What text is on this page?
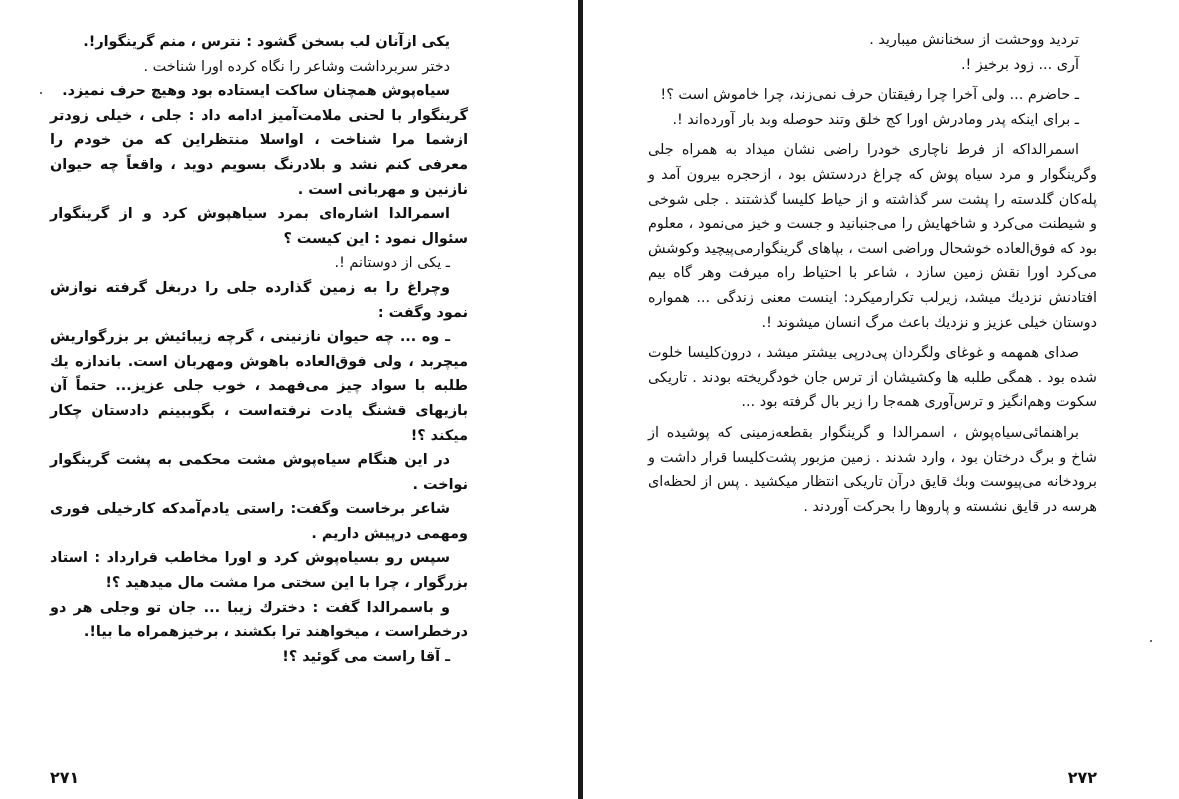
یکی ازآنان لب بسخن گشود : نترس ، منم گرینگوار!.

دختر سربرداشت وشاعر را نگاه کرده اورا شناخت .

سیاه‌پوش همچنان ساکت ایستاده بود وهیچ حرف نمیزد.

گرینگوار با لحنی ملامت‌آمیز ادامه داد : جلی ، خیلی زودتر ازشما مرا شناخت ، اواسلا منتظراین که من خودم را معرفی کنم نشد و بلادرنگ بسویم دوید ، واقعاً چه حیوان نازنین و مهربانی است .

اسمرالدا اشاره‌ای بمرد سیاهپوش کرد و از گرینگوار سئوال نمود : این کیست ؟

ـ یکی از دوستانم !.

وچراغ را به زمین گذارده جلی را دربغل گرفته نوازش نمود وگفت :

ـ وه ... چه حیوان نازنینی ، گرچه زیبائیش بر بزرگواریش میچربد ، ولی فوق‌العاده باهوش ومهربان است. باندازه یك طلبه با سواد چیز می‌فهمد ، خوب جلی عزیز... حتماً آن بازیهای قشنگ یادت نرفته‌است ، بگوببینم دادستان چکار میکند ؟!

در این هنگام سیاه‌پوش مشت محکمی به پشت گرینگوار نواخت .

شاعر برخاست وگفت: راستی یادم‌آمدکه کارخیلی فوری ومهمی درپیش داریم .

سپس رو بسیاه‌پوش کرد و اورا مخاطب قرارداد : استاد بزرگوار ، چرا با این سختی مرا مشت مال میدهید ؟!

و باسمرالدا گفت : دخترك زیبا ... جان تو وجلی هر دو درخطراست ، میخواهند ترا بکشند ، برخیزهمراه ما بیا!.

ـ آقا راست می گوئید ؟!

۲۷۱

تردید ووحشت از سخنانش میبارید .

آری ... زود برخیز !.

ـ حاضرم ... ولی آخرا چرا رفیقتان حرف نمی‌زند، چرا خاموش است ؟!

ـ برای اینکه پدر ومادرش اورا کج خلق وتند حوصله وبد بار آورده‌اند !.

اسمرالداکه از فرط ناچاری خودرا راضی نشان میداد به همراه جلی وگرینگوار و مرد سیاه پوش که چراغ دردستش بود ، ازحجره بیرون آمد و پله‌کان گلدسته را پشت سر گذاشته و از حیاط کلیسا گذشتند . جلی شوخی و شیطنت می‌کرد و شاخهایش را می‌جنبانید و جست و خیز می‌نمود ، معلوم بود که فوق‌العاده خوشحال وراضی است ، بپاهای گرینگوارمی‌پیچید وکوشش می‌کرد اورا نقش زمین سازد ، شاعر با احتیاط راه میرفت وهر گاه بیم افتادنش نزدیك میشد، زیرلب تکرارمیکرد: اینست معنی زندگی ... همواره دوستان خیلی عزیز و نزدیك باعث مرگ انسان میشوند !.

صدای همهمه و غوغای ولگردان پی‌درپی بیشتر میشد ، درون‌کلیسا خلوت شده بود . همگی طلبه ها وکشیشان از ترس جان خودگریخته بودند . تاریکی سکوت وهم‌انگیز و ترس‌آوری همه‌جا را زیر بال گرفته بود ...

براهنمائی‌سیاه‌پوش ، اسمرالدا و گرینگوار بقطعه‌زمینی که پوشیده از شاخ و برگ درختان بود ، وارد شدند . زمین مزبور پشت‌کلیسا قرار داشت و برودخانه می‌پیوست وبك قایق درآن تاریکی انتظار میکشید . پس از لحظه‌ای هرسه در قایق نشسته و پاروها را بحرکت آوردند .

۲۷۲
